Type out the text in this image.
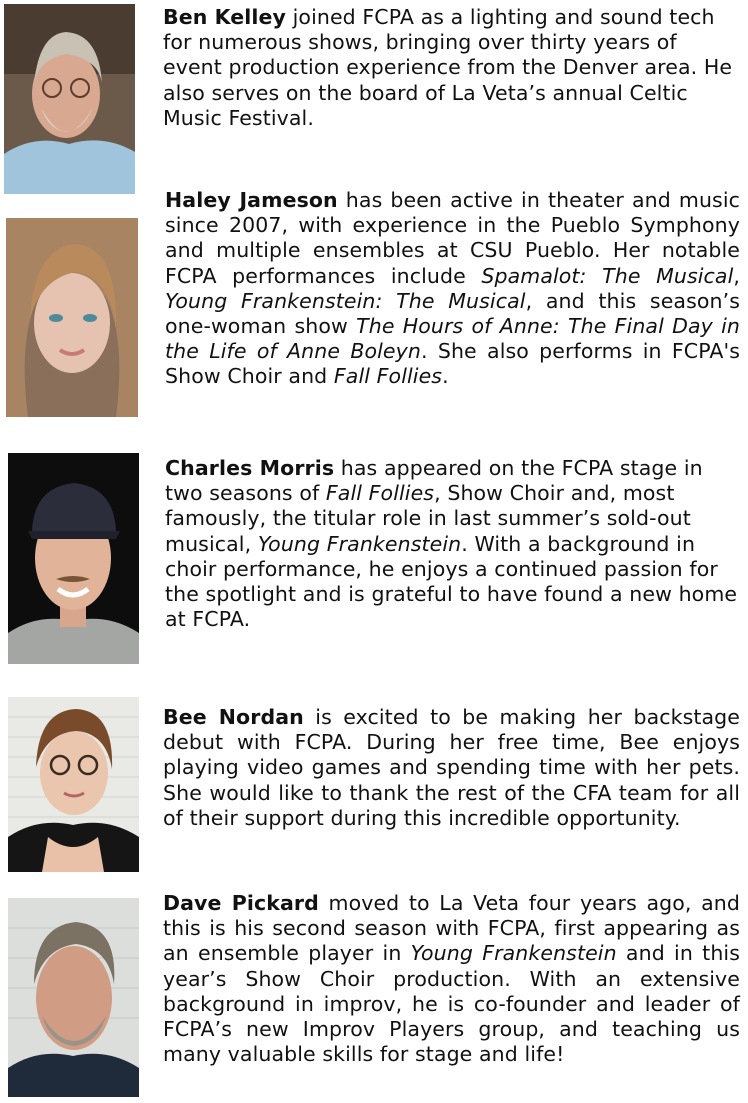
Ben Kelley joined FCPA as a lighting and sound tech for numerous shows, bringing over thirty years of event production experience from the Denver area. He also serves on the board of La Veta’s annual Celtic Music Festival.
Haley Jameson has been active in theater and music since 2007, with experience in the Pueblo Symphony and multiple ensembles at CSU Pueblo. Her notable FCPA performances include Spamalot: The Musical, Young Frankenstein: The Musical, and this season’s one-woman show The Hours of Anne: The Final Day in the Life of Anne Boleyn. She also performs in FCPA's Show Choir and Fall Follies.
Charles Morris has appeared on the FCPA stage in two seasons of Fall Follies, Show Choir and, most famously, the titular role in last summer’s sold-out musical, Young Frankenstein. With a background in choir performance, he enjoys a continued passion for the spotlight and is grateful to have found a new home at FCPA.
Bee Nordan is excited to be making her backstage debut with FCPA. During her free time, Bee enjoys playing video games and spending time with her pets. She would like to thank the rest of the CFA team for all of their support during this incredible opportunity.
Dave Pickard moved to La Veta four years ago, and this is his second season with FCPA, first appearing as an ensemble player in Young Frankenstein and in this year’s Show Choir production. With an extensive background in improv, he is co-founder and leader of FCPA’s new Improv Players group, and teaching us many valuable skills for stage and life!
